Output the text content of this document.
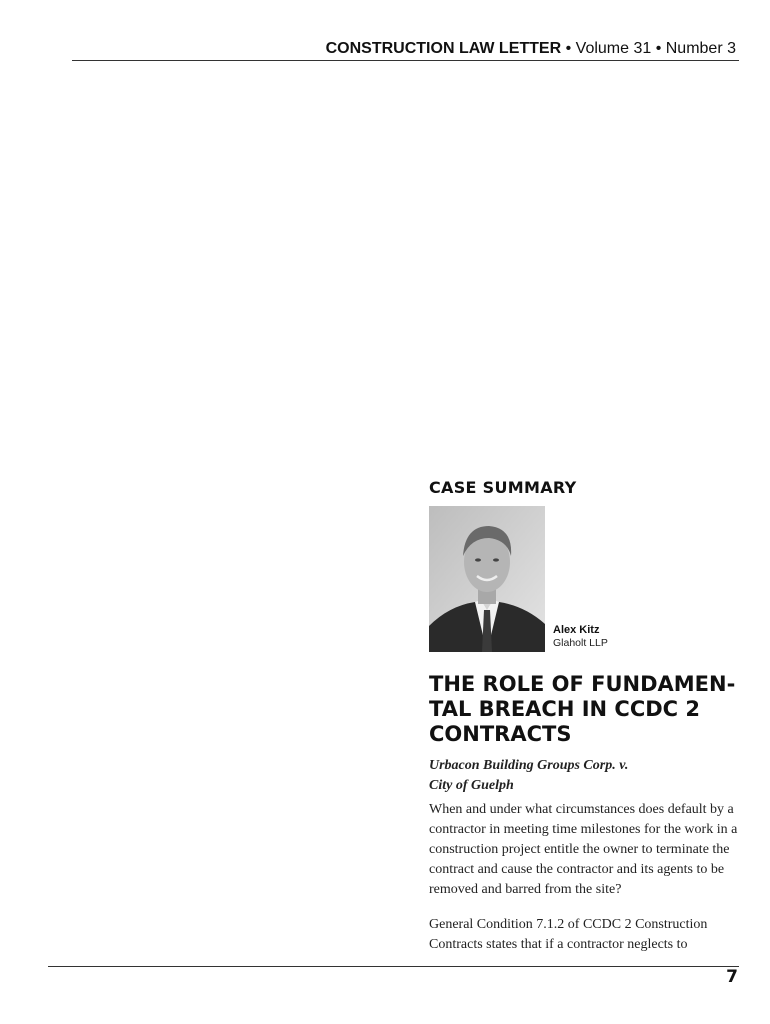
CONSTRUCTION LAW LETTER • Volume 31 • Number 3
CASE SUMMARY
Alex Kitz
Glaholt LLP
THE ROLE OF FUNDAMEN-
TAL BREACH IN CCDC 2
CONTRACTS
Urbacon Building Groups Corp. v.
City of Guelph

When and under what circumstances does default by a contractor in meeting time milestones for the work in a construction project entitle the owner to terminate the contract and cause the contractor and its agents to be removed and barred from the site?

General Condition 7.1.2 of CCDC 2 Construction Contracts states that if a contractor neglects to

7
